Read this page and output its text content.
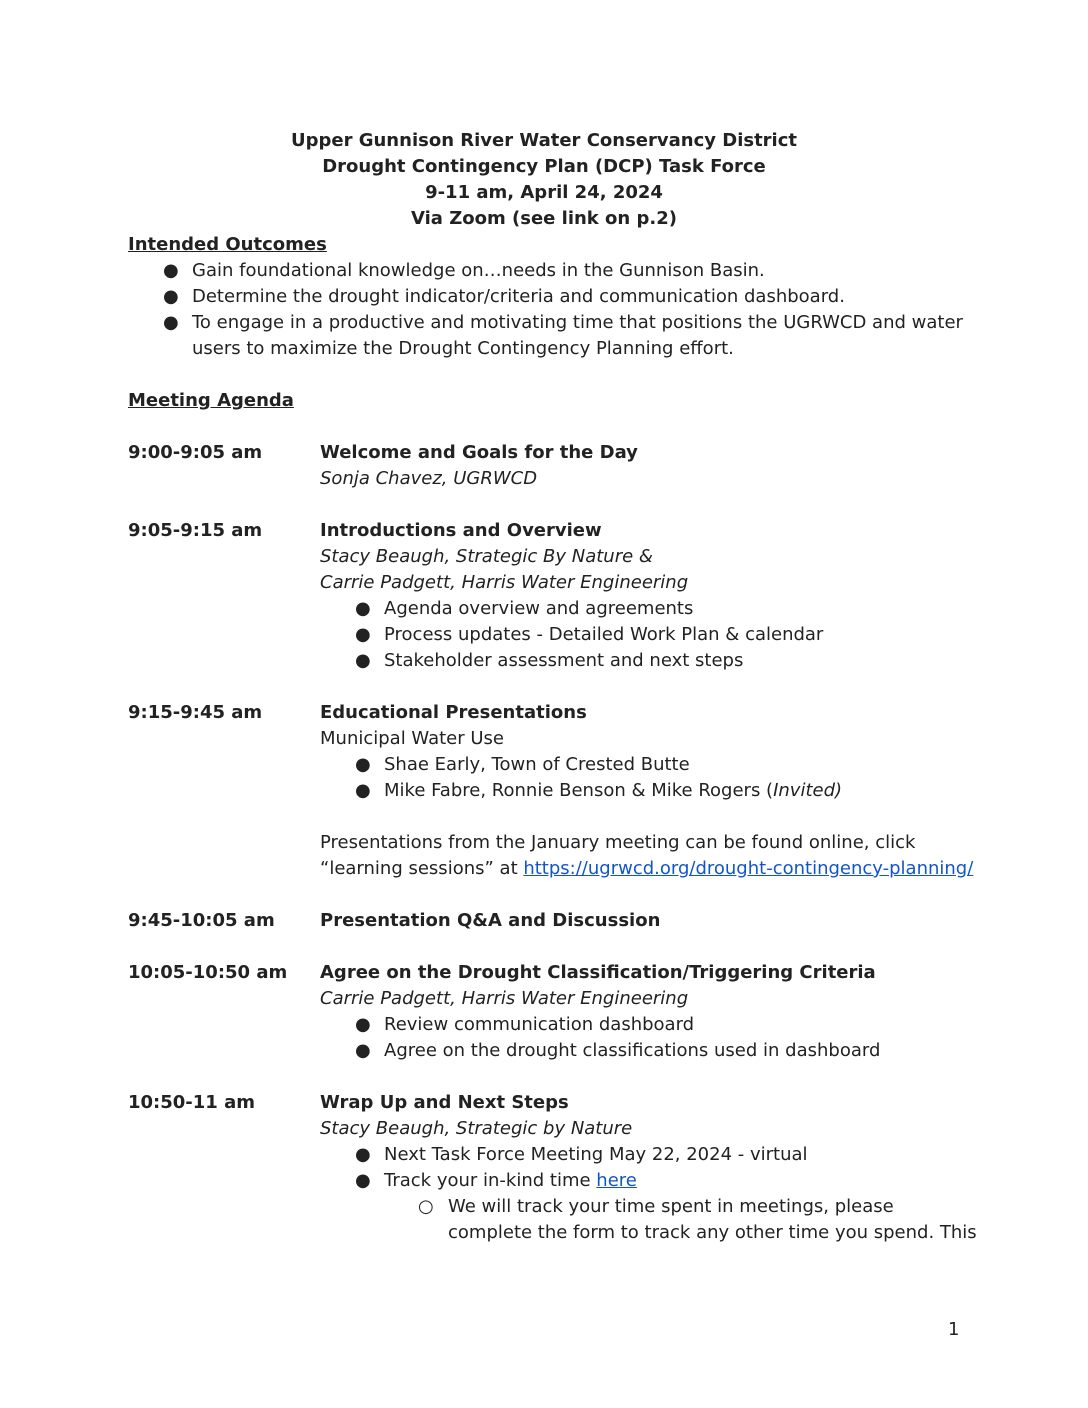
Upper Gunnison River Water Conservancy District
Drought Contingency Plan (DCP) Task Force
9-11 am, April 24, 2024
Via Zoom (see link on p.2)
Intended Outcomes
● Gain foundational knowledge on…needs in the Gunnison Basin.
● Determine the drought indicator/criteria and communication dashboard.
● To engage in a productive and motivating time that positions the UGRWCD and water
users to maximize the Drought Contingency Planning effort.
Meeting Agenda
9:00-9:05 am	Welcome and Goals for the Day
Sonja Chavez, UGRWCD
9:05-9:15 am	Introductions and Overview
Stacy Beaugh, Strategic By Nature &
Carrie Padgett, Harris Water Engineering
● Agenda overview and agreements
● Process updates - Detailed Work Plan & calendar
● Stakeholder assessment and next steps
9:15-9:45 am	Educational Presentations
Municipal Water Use
● Shae Early, Town of Crested Butte
● Mike Fabre, Ronnie Benson & Mike Rogers (Invited)
Presentations from the January meeting can be found online, click
“learning sessions” at https://ugrwcd.org/drought-contingency-planning/
9:45-10:05 am	Presentation Q&A and Discussion
10:05-10:50 am Agree on the Drought Classification/Triggering Criteria
Carrie Padgett, Harris Water Engineering
● Review communication dashboard
● Agree on the drought classifications used in dashboard
10:50-11 am	Wrap Up and Next Steps
Stacy Beaugh, Strategic by Nature
● Next Task Force Meeting May 22, 2024 - virtual
● Track your in-kind time here
○ We will track your time spent in meetings, please
complete the form to track any other time you spend. This
1
